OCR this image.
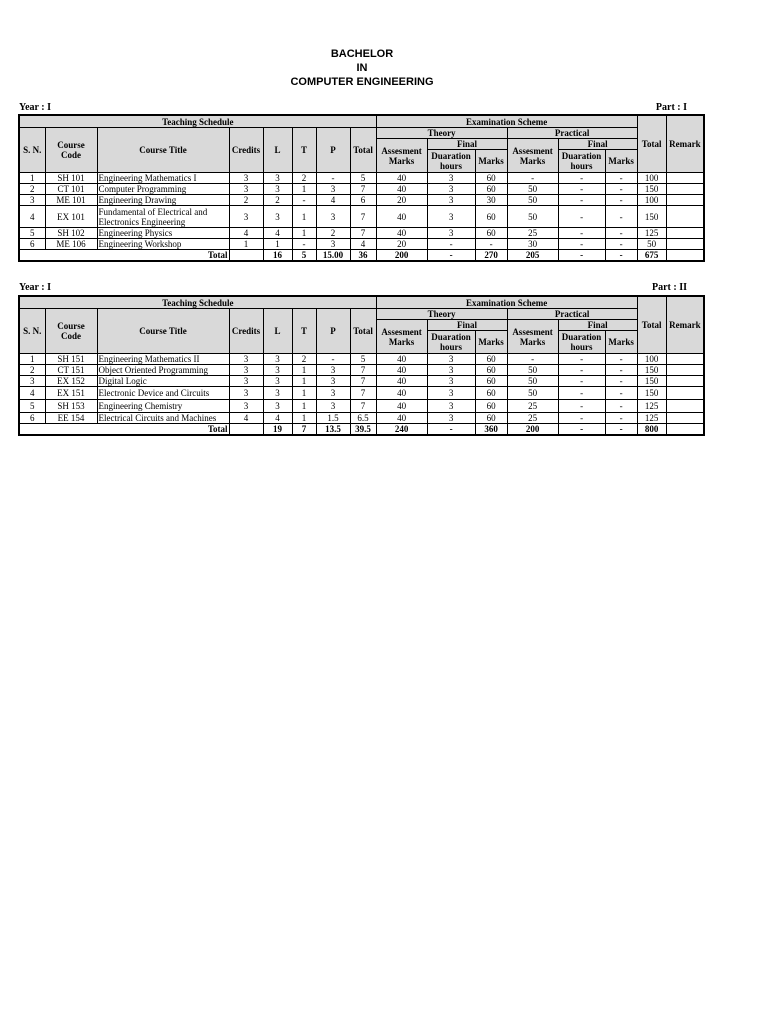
BACHELOR
IN
COMPUTER ENGINEERING
Year : I	Part : I
Teaching Schedule								Examination Scheme						Total	Remark
S. N.	Course Code	Course Title	Credits	L	T	P	Total	Theory			Practical				
								Assesment Marks	Final		Assesment Marks	Final			
									Duaration hours	Marks		Duaration hours	Marks		
1	SH 101	Engineering Mathematics I	3	3	2	-	5	40	3	60	-	-	-	100	
2	CT 101	Computer Programming	3	3	1	3	7	40	3	60	50	-	-	150	
3	ME 101	Engineering Drawing	2	2	-	4	6	20	3	30	50	-	-	100	
4	EX 101	Fundamental of Electrical and Electronics Engineering	3	3	1	3	7	40	3	60	50	-	-	150	
5	SH 102	Engineering Physics	4	4	1	2	7	40	3	60	25	-	-	125	
6	ME 106	Engineering Workshop	1	1	-	3	4	20	-	-	30	-	-	50	
Total				16	5	15.00	36	200	-	270	205	-	-	675	
Year : I	Part : II
Teaching Schedule								Examination Scheme						Total	Remark
S. N.	Course Code	Course Title	Credits	L	T	P	Total	Theory			Practical				
								Assesment Marks	Final		Assesment Marks	Final			
									Duaration hours	Marks		Duaration hours	Marks		
1	SH 151	Engineering Mathematics II	3	3	2	-	5	40	3	60	-	-	-	100	
2	CT 151	Object Oriented Programming	3	3	1	3	7	40	3	60	50	-	-	150	
3	EX 152	Digital Logic	3	3	1	3	7	40	3	60	50	-	-	150	
4	EX 151	Electronic Device and Circuits	3	3	1	3	7	40	3	60	50	-	-	150	
5	SH 153	Engineering Chemistry	3	3	1	3	7	40	3	60	25	-	-	125	
6	EE 154	Electrical Circuits and Machines	4	4	1	1.5	6.5	40	3	60	25	-	-	125	
Total				19	7	13.5	39.5	240	-	360	200	-	-	800	
